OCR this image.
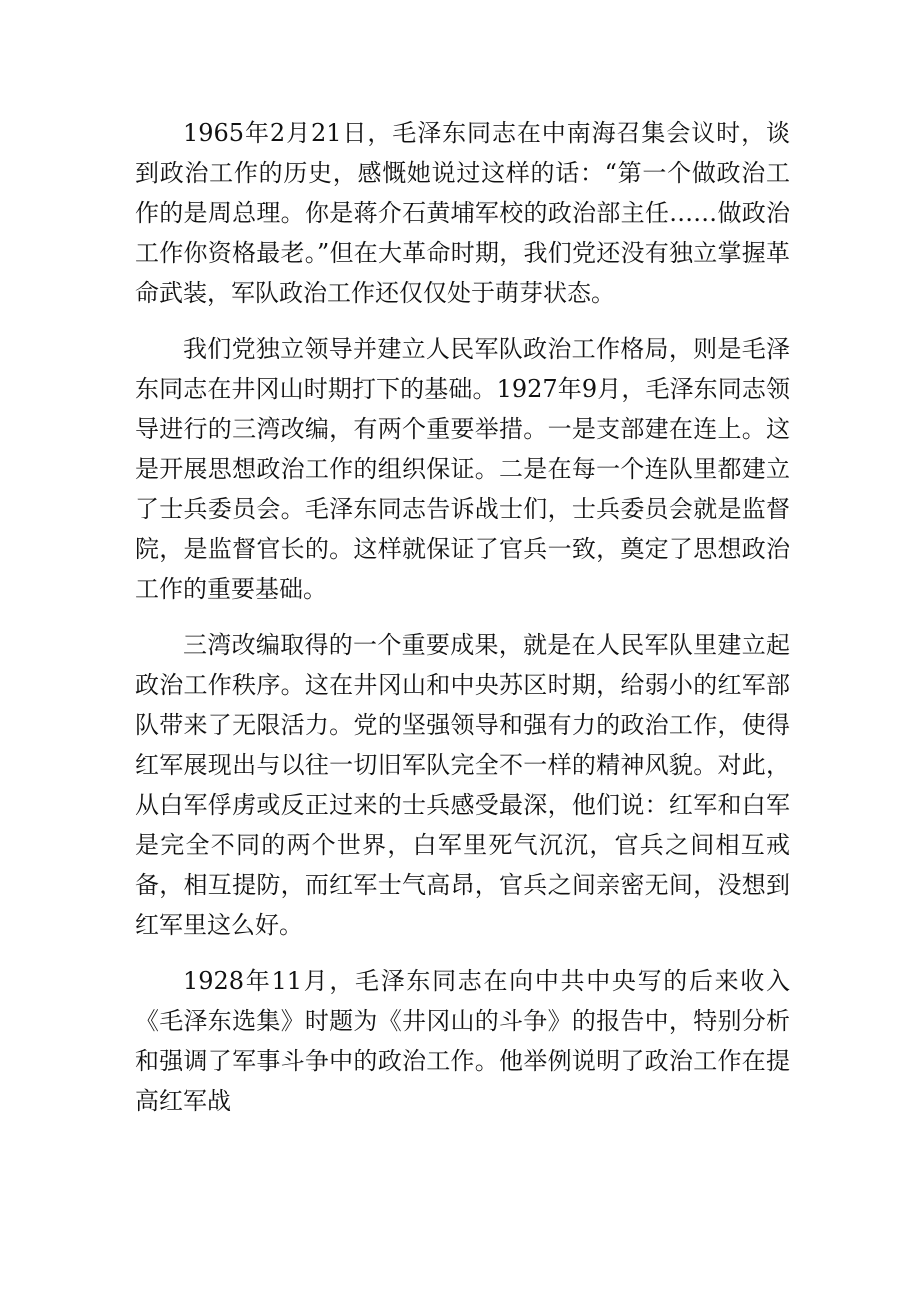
1965年2月21日，毛泽东同志在中南海召集会议时，谈到政治工作的历史，感慨她说过这样的话：“第一个做政治工作的是周总理。你是蒋介石黄埔军校的政治部主任……做政治工作你资格最老。”但在大革命时期，我们党还没有独立掌握革命武装，军队政治工作还仅仅处于萌芽状态。

我们党独立领导并建立人民军队政治工作格局，则是毛泽东同志在井冈山时期打下的基础。1927年9月，毛泽东同志领导进行的三湾改编，有两个重要举措。一是支部建在连上。这是开展思想政治工作的组织保证。二是在每一个连队里都建立了士兵委员会。毛泽东同志告诉战士们，士兵委员会就是监督院，是监督官长的。这样就保证了官兵一致，奠定了思想政治工作的重要基础。

三湾改编取得的一个重要成果，就是在人民军队里建立起政治工作秩序。这在井冈山和中央苏区时期，给弱小的红军部队带来了无限活力。党的坚强领导和强有力的政治工作，使得红军展现出与以往一切旧军队完全不一样的精神风貌。对此，从白军俘虏或反正过来的士兵感受最深，他们说：红军和白军是完全不同的两个世界，白军里死气沉沉，官兵之间相互戒备，相互提防，而红军士气高昂，官兵之间亲密无间，没想到红军里这么好。

1928年11月，毛泽东同志在向中共中央写的后来收入《毛泽东选集》时题为《井冈山的斗争》的报告中，特别分析和强调了军事斗争中的政治工作。他举例说明了政治工作在提高红军战
